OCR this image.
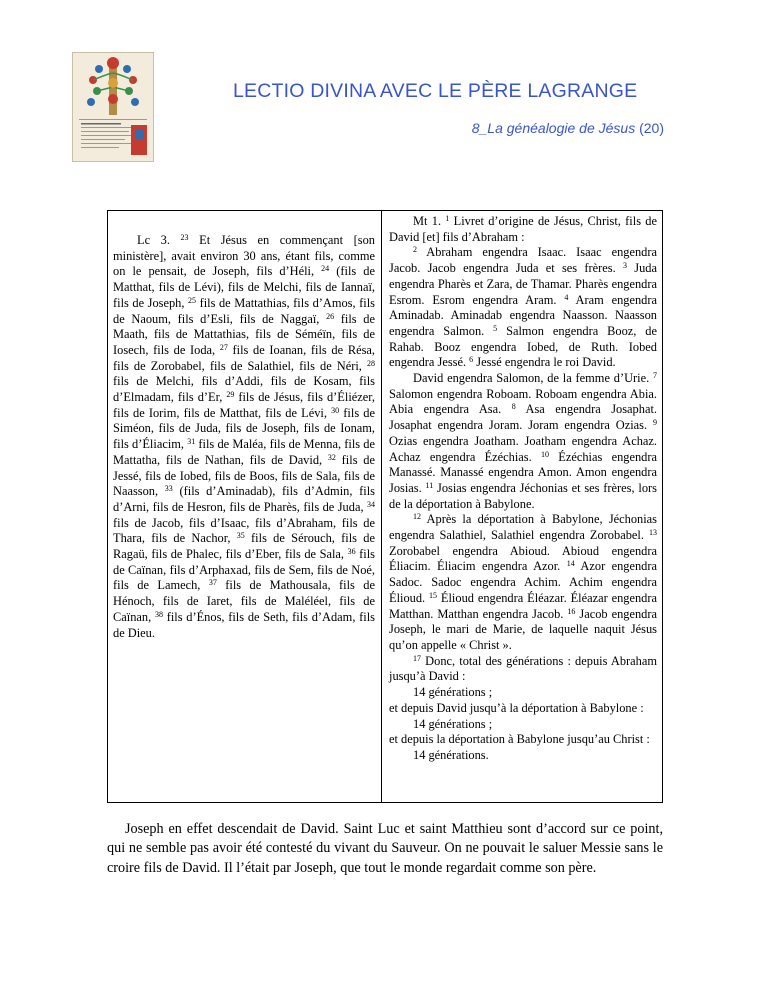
LECTIO DIVINA AVEC LE PÈRE LAGRANGE
8_La généalogie de Jésus (20)

Lc 3. $^{23}$ Et Jésus en commençant [son ministère], avait environ 30 ans, étant fils, comme on le pensait, de Joseph, fils d’Héli, $^{24}$ (fils de Matthat, fils de Lévi), fils de Melchi, fils de Iannaï, fils de Joseph, $^{25}$ fils de Mattathias, fils d’Amos, fils de Naoum, fils d’Esli, fils de Naggaï, $^{26}$ fils de Maath, fils de Mattathias, fils de Séméïn, fils de Iosech, fils de Ioda, $^{27}$ fils de Ioanan, fils de Résa, fils de Zorobabel, fils de Salathiel, fils de Néri, $^{28}$ fils de Melchi, fils d’Addi, fils de Kosam, fils d’Elmadam, fils d’Er, $^{29}$ fils de Jésus, fils d’Éliézer, fils de Iorim, fils de Matthat, fils de Lévi, $^{30}$ fils de Siméon, fils de Juda, fils de Joseph, fils de Ionam, fils d’Éliacim, $^{31}$ fils de Maléa, fils de Menna, fils de Mattatha, fils de Nathan, fils de David, $^{32}$ fils de Jessé, fils de Iobed, fils de Boos, fils de Sala, fils de Naasson, $^{33}$ (fils d’Aminadab), fils d’Admin, fils d’Arni, fils de Hesron, fils de Pharès, fils de Juda, $^{34}$ fils de Jacob, fils d’Isaac, fils d’Abraham, fils de Thara, fils de Nachor, $^{35}$ fils de Sérouch, fils de Ragaü, fils de Phalec, fils d’Eber, fils de Sala, $^{36}$ fils de Caïnan, fils d’Arphaxad, fils de Sem, fils de Noé, fils de Lamech, $^{37}$ fils de Mathousala, fils de Hénoch, fils de Iaret, fils de Maléléel, fils de Caïnan, $^{38}$ fils d’Énos, fils de Seth, fils d’Adam, fils de Dieu.

Mt 1. $^1$ Livret d’origine de Jésus, Christ, fils de David [et] fils d’Abraham :

$^2$ Abraham engendra Isaac. Isaac engendra Jacob. Jacob engendra Juda et ses frères. $^3$ Juda engendra Pharès et Zara, de Thamar. Pharès engendra Esrom. Esrom engendra Aram. $^4$ Aram engendra Aminadab. Aminadab engendra Naasson. Naasson engendra Salmon. $^5$ Salmon engendra Booz, de Rahab. Booz engendra Iobed, de Ruth. Iobed engendra Jessé. $^6$ Jessé engendra le roi David.

David engendra Salomon, de la femme d’Urie. $^7$ Salomon engendra Roboam. Roboam engendra Abia. Abia engendra Asa. $^8$ Asa engendra Josaphat. Josaphat engendra Joram. Joram engendra Ozias. $^9$ Ozias engendra Joatham. Joatham engendra Achaz. Achaz engendra Ézéchias. $^{10}$ Ézéchias engendra Manassé. Manassé engendra Amon. Amon engendra Josias. $^{11}$ Josias engendra Jéchonias et ses frères, lors de la déportation à Babylone.

$^{12}$ Après la déportation à Babylone, Jéchonias engendra Salathiel, Salathiel engendra Zorobabel. $^{13}$ Zorobabel engendra Abioud. Abioud engendra Éliacim. Éliacim engendra Azor. $^{14}$ Azor engendra Sadoc. Sadoc engendra Achim. Achim engendra Élioud. $^{15}$ Élioud engendra Éléazar. Éléazar engendra Matthan. Matthan engendra Jacob. $^{16}$ Jacob engendra Joseph, le mari de Marie, de laquelle naquit Jésus qu’on appelle « Christ ».

$^{17}$ Donc, total des générations : depuis Abraham jusqu’à David :

14 générations ;

et depuis David jusqu’à la déportation à Babylone :

14 générations ;

et depuis la déportation à Babylone jusqu’au Christ :

14 générations.

Joseph en effet descendait de David. Saint Luc et saint Matthieu sont d’accord sur ce point, qui ne semble pas avoir été contesté du vivant du Sauveur. On ne pouvait le saluer Messie sans le croire fils de David. Il l’était par Joseph, que tout le monde regardait comme son père.
